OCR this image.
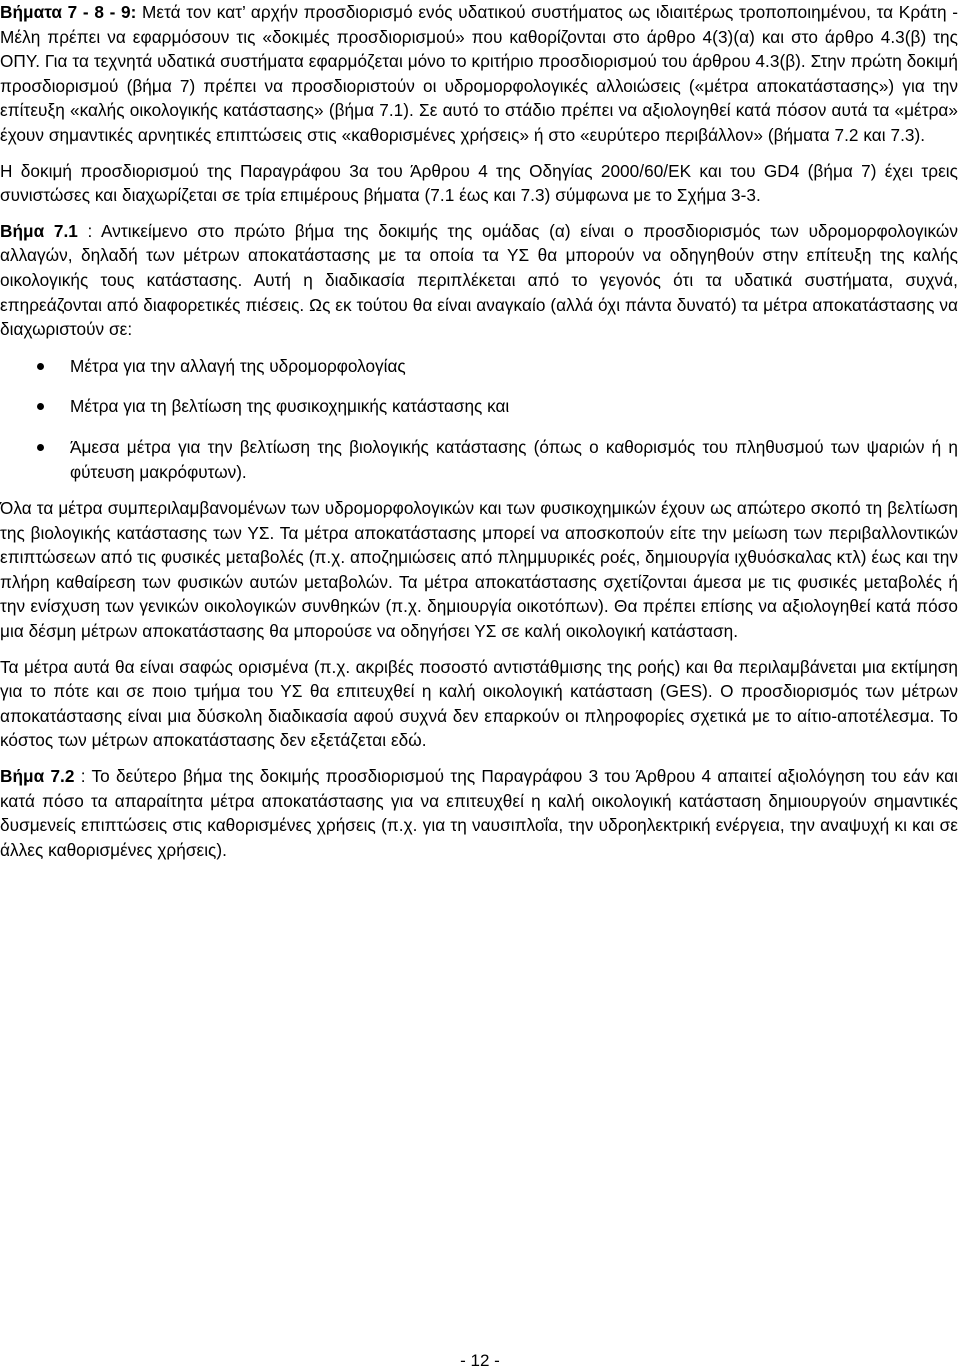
Βήματα 7 - 8 - 9: Μετά τον κατ’ αρχήν προσδιορισμό ενός υδατικού συστήματος ως ιδιαιτέρως τροποποιημένου, τα Κράτη - Μέλη πρέπει να εφαρμόσουν τις «δοκιμές προσδιορισμού» που καθορίζονται στο άρθρο 4(3)(α) και στο άρθρο 4.3(β) της ΟΠΥ. Για τα τεχνητά υδατικά συστήματα εφαρμόζεται μόνο το κριτήριο προσδιορισμού του άρθρου 4.3(β). Στην πρώτη δοκιμή προσδιορισμού (βήμα 7) πρέπει να προσδιοριστούν οι υδρομορφολογικές αλλοιώσεις («μέτρα αποκατάστασης») για την επίτευξη «καλής οικολογικής κατάστασης» (βήμα 7.1). Σε αυτό το στάδιο πρέπει να αξιολογηθεί κατά πόσον αυτά τα «μέτρα» έχουν σημαντικές αρνητικές επιπτώσεις στις «καθορισμένες χρήσεις» ή στο «ευρύτερο περιβάλλον» (βήματα 7.2 και 7.3).

Η δοκιμή προσδιορισμού της Παραγράφου 3α του Άρθρου 4 της Οδηγίας 2000/60/ΕΚ και του GD4 (βήμα 7) έχει τρεις συνιστώσες και διαχωρίζεται σε τρία επιμέρους βήματα (7.1 έως και 7.3) σύμφωνα με το Σχήμα 3-3.

Βήμα 7.1 : Αντικείμενο στο πρώτο βήμα της δοκιμής της ομάδας (α) είναι ο προσδιορισμός των υδρομορφολογικών αλλαγών, δηλαδή των μέτρων αποκατάστασης με τα οποία τα ΥΣ θα μπορούν να οδηγηθούν στην επίτευξη της καλής οικολογικής τους κατάστασης. Αυτή η διαδικασία περιπλέκεται από το γεγονός ότι τα υδατικά συστήματα, συχνά, επηρεάζονται από διαφορετικές πιέσεις. Ως εκ τούτου θα είναι αναγκαίο (αλλά όχι πάντα δυνατό) τα μέτρα αποκατάστασης να διαχωριστούν σε:

Μέτρα για την αλλαγή της υδρομορφολογίας
Μέτρα για τη βελτίωση της φυσικοχημικής κατάστασης και
Άμεσα μέτρα για την βελτίωση της βιολογικής κατάστασης (όπως ο καθορισμός του πληθυσμού των ψαριών ή η φύτευση μακρόφυτων).

Όλα τα μέτρα συμπεριλαμβανομένων των υδρομορφολογικών και των φυσικοχημικών έχουν ως απώτερο σκοπό τη βελτίωση της βιολογικής κατάστασης των ΥΣ. Τα μέτρα αποκατάστασης μπορεί να αποσκοπούν είτε την μείωση των περιβαλλοντικών επιπτώσεων από τις φυσικές μεταβολές (π.χ. αποζημιώσεις από πλημμυρικές ροές, δημιουργία ιχθυόσκαλας κτλ) έως και την πλήρη καθαίρεση των φυσικών αυτών μεταβολών. Τα μέτρα αποκατάστασης σχετίζονται άμεσα με τις φυσικές μεταβολές ή την ενίσχυση των γενικών οικολογικών συνθηκών (π.χ. δημιουργία οικοτόπων). Θα πρέπει επίσης να αξιολογηθεί κατά πόσο μια δέσμη μέτρων αποκατάστασης θα μπορούσε να οδηγήσει ΥΣ σε καλή οικολογική κατάσταση.

Τα μέτρα αυτά θα είναι σαφώς ορισμένα (π.χ. ακριβές ποσοστό αντιστάθμισης της ροής) και θα περιλαμβάνεται μια εκτίμηση για το πότε και σε ποιο τμήμα του ΥΣ θα επιτευχθεί η καλή οικολογική κατάσταση (GES). Ο προσδιορισμός των μέτρων αποκατάστασης είναι μια δύσκολη διαδικασία αφού συχνά δεν επαρκούν οι πληροφορίες σχετικά με το αίτιο-αποτέλεσμα. Το κόστος των μέτρων αποκατάστασης δεν εξετάζεται εδώ.

Βήμα 7.2 : Το δεύτερο βήμα της δοκιμής προσδιορισμού της Παραγράφου 3 του Άρθρου 4 απαιτεί αξιολόγηση του εάν και κατά πόσο τα απαραίτητα μέτρα αποκατάστασης για να επιτευχθεί η καλή οικολογική κατάσταση δημιουργούν σημαντικές δυσμενείς επιπτώσεις στις καθορισμένες χρήσεις (π.χ. για τη ναυσιπλοΐα, την υδροηλεκτρική ενέργεια, την αναψυχή κι και σε άλλες καθορισμένες χρήσεις).

- 12 -
